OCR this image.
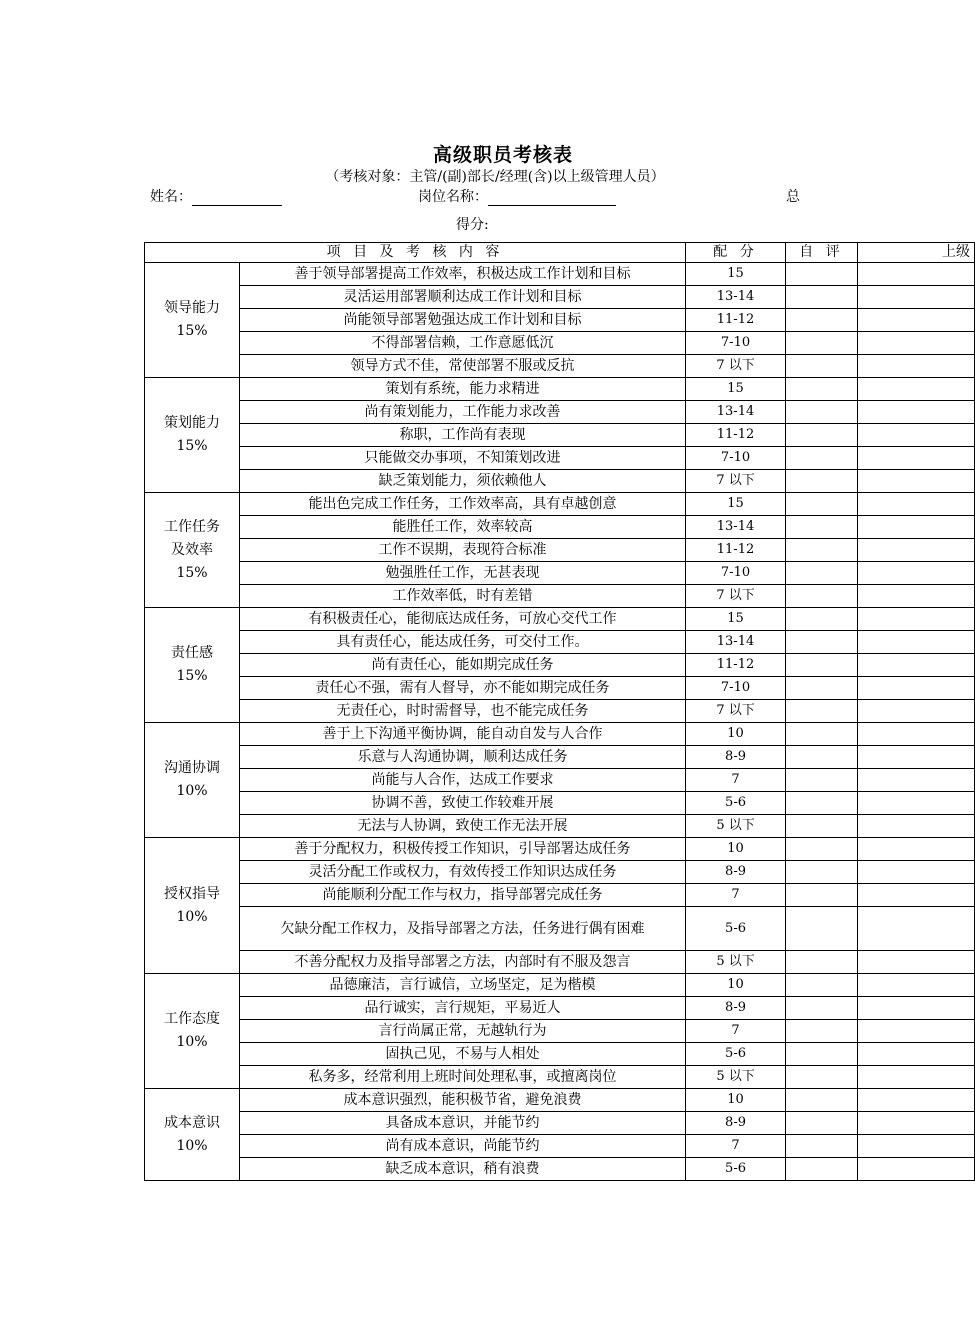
高级职员考核表
（考核对象：主管/(副)部长/经理(含)以上级管理人员）
姓名：	岗位名称：	总
得分:
项 目 及 考 核 内 容		配 分	自 评	上级

领导能力
15%	善于领导部署提高工作效率，积极达成工作计划和目标	15		
	灵活运用部署顺利达成工作计划和目标	13-14		
	尚能领导部署勉强达成工作计划和目标	11-12		
	不得部署信赖，工作意愿低沉	7-10		
	领导方式不佳，常使部署不服或反抗	7 以下		

策划能力
15%	策划有系统，能力求精进	15		
	尚有策划能力，工作能力求改善	13-14		
	称职，工作尚有表现	11-12		
	只能做交办事项，不知策划改进	7-10		
	缺乏策划能力，须依赖他人	7 以下		

工作任务
及效率
15%	能出色完成工作任务，工作效率高，具有卓越创意	15		
	能胜任工作，效率较高	13-14		
	工作不误期，表现符合标准	11-12		
	勉强胜任工作，无甚表现	7-10		
	工作效率低，时有差错	7 以下		

责任感
15%	有积极责任心，能彻底达成任务，可放心交代工作	15		
	具有责任心，能达成任务，可交付工作。	13-14		
	尚有责任心，能如期完成任务	11-12		
	责任心不强，需有人督导，亦不能如期完成任务	7-10		
	无责任心，时时需督导，也不能完成任务	7 以下		

沟通协调
10%	善于上下沟通平衡协调，能自动自发与人合作	10		
	乐意与人沟通协调，顺利达成任务	8-9		
	尚能与人合作，达成工作要求	7		
	协调不善，致使工作较难开展	5-6		
	无法与人协调，致使工作无法开展	5 以下		

授权指导
10%	善于分配权力，积极传授工作知识，引导部署达成任务	10		
	灵活分配工作或权力，有效传授工作知识达成任务	8-9		
	尚能顺利分配工作与权力，指导部署完成任务	7		
	欠缺分配工作权力，及指导部署之方法，任务进行偶有困难	5-6		
	不善分配权力及指导部署之方法，内部时有不服及怨言	5 以下		

工作态度
10%	品德廉洁，言行诚信，立场坚定，足为楷模	10		
	品行诚实，言行规矩，平易近人	8-9		
	言行尚属正常，无越轨行为	7		
	固执己见，不易与人相处	5-6		
	私务多，经常利用上班时间处理私事，或擅离岗位	5 以下		

成本意识
10%	成本意识强烈，能积极节省，避免浪费	10		
	具备成本意识，并能节约	8-9		
	尚有成本意识，尚能节约	7		
	缺乏成本意识，稍有浪费	5-6		
